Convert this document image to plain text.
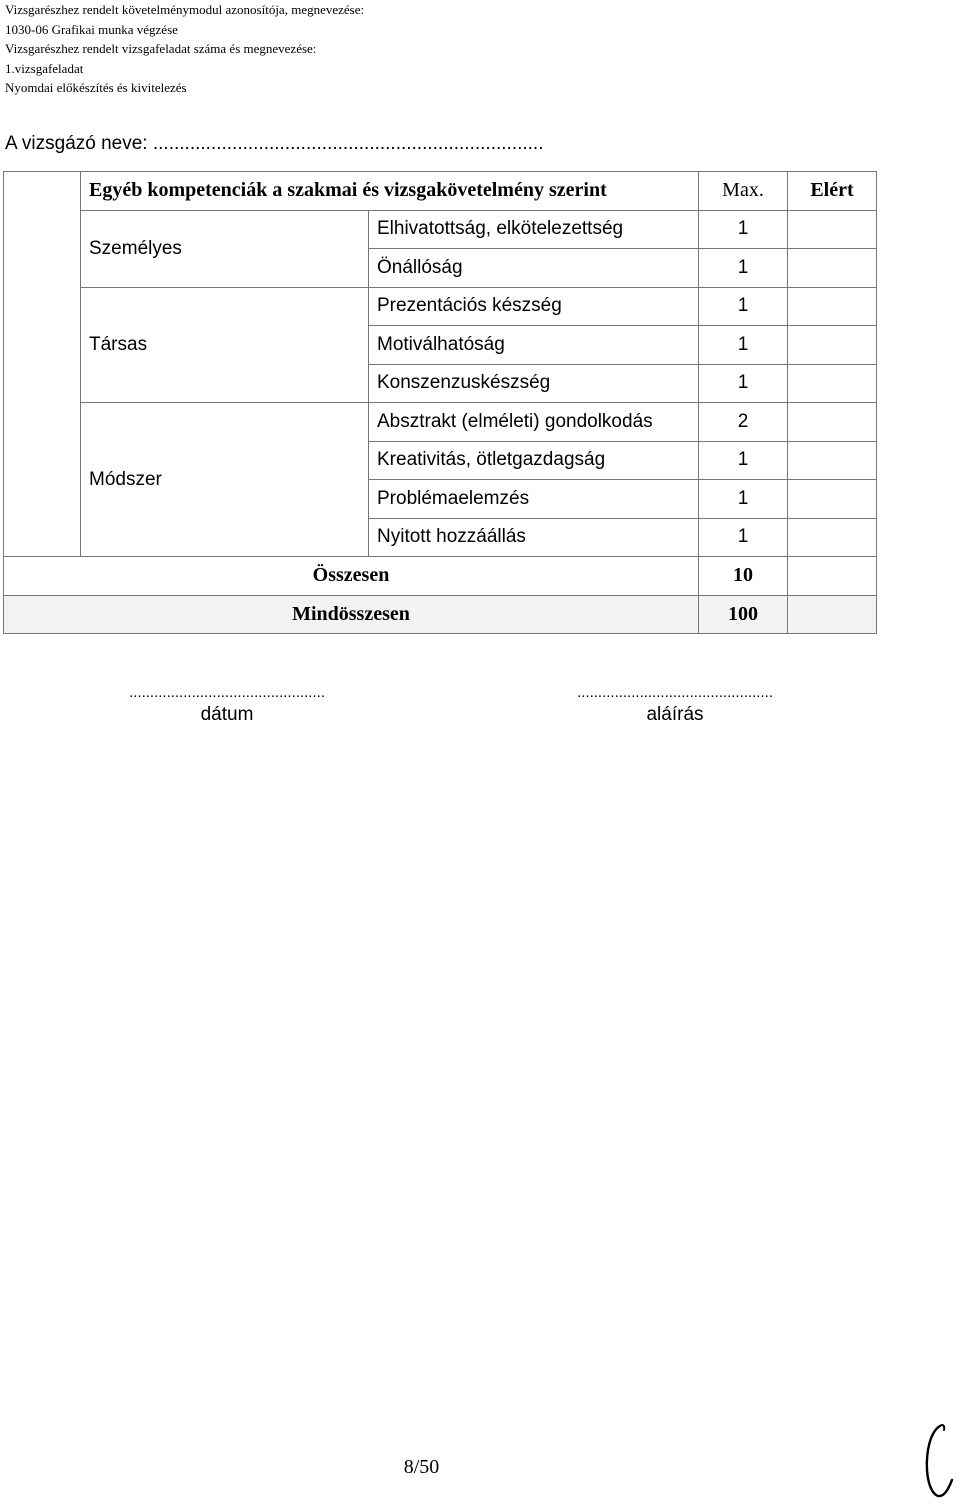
Vizsgarészhez rendelt követelménymodul azonosítója, megnevezése:
1030-06 Grafikai munka végzése
Vizsgarészhez rendelt vizsgafeladat száma és megnevezése:
1.vizsgafeladat
Nyomdai előkészítés és kivitelezés
A vizsgázó neve: ..........................................................................
	Egyéb kompetenciák a szakmai és vizsgakövetelmény szerint		Max.	Elért
	Személyes	Elhivatottság, elkötelezettség	1	
		Önállóság	1	
	Társas	Prezentációs készség	1	
		Motiválhatóság	1	
		Konszenzuskészség	1	
	Módszer	Absztrakt (elméleti) gondolkodás	2	
		Kreativitás, ötletgazdagság	1	
		Problémaelemzés	1	
		Nyitott hozzáállás	1	
Összesen			10	
Mindösszesen			100	
...............................................
dátum
...............................................
aláírás
8/50
